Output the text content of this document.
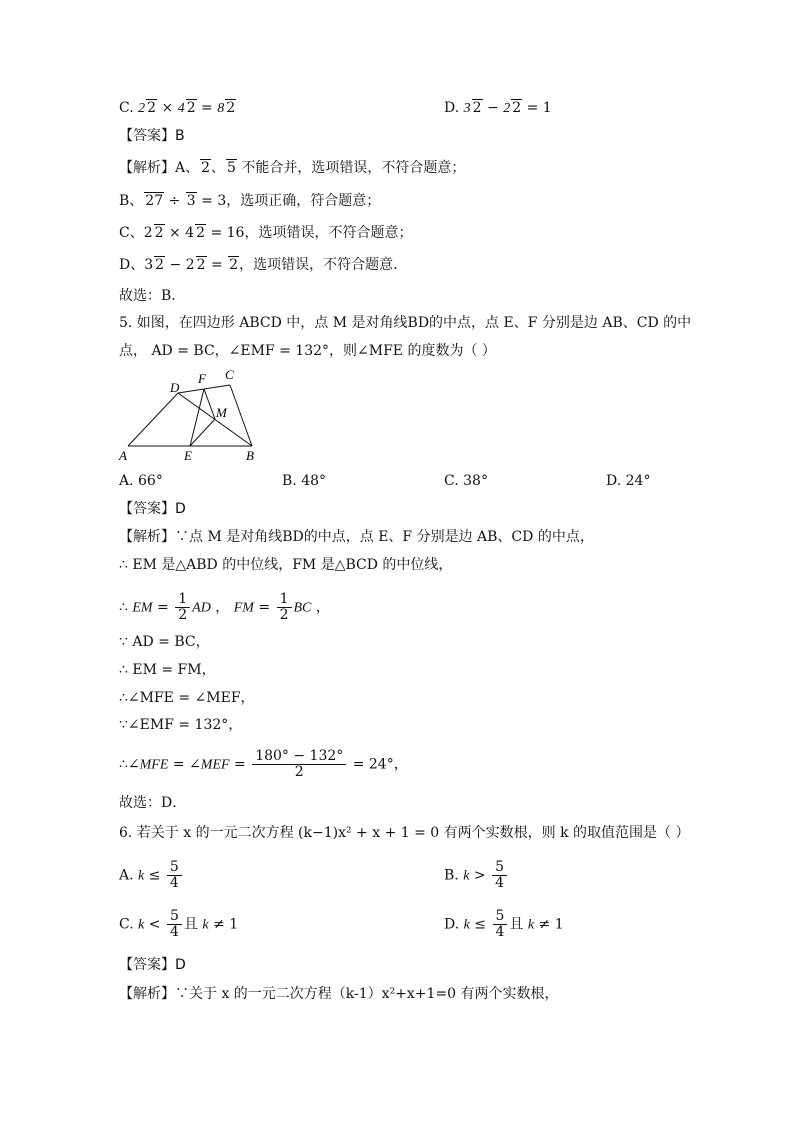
C. 2 2 × 4 2 = 8 2	D. 3 2 − 2 2 = 1
【答案】B
【解析】A、 2、 5 不能合并，选项错误，不符合题意；
B、 27 ÷ 3 = 3，选项正确，符合题意；
C、2 2 × 4 2 = 16，选项错误，不符合题意；
D、3 2 − 2 2 = 2，选项错误，不符合题意．
故选：B．
5. 如图，在四边形 ABCD 中，点 M 是对角线BD的中点，点 E、F 分别是边 AB、CD 的中
点， AD = BC，∠EMF = 132°，则∠MFE 的度数为（ ）
A	B
C
D
E
F
M
A. 66°	B. 48°	C. 38°	D. 24°
【答案】D
【解析】∵点 M 是对角线BD的中点，点 E、F 分别是边 AB、CD 的中点，
∴ EM 是△ABD 的中位线，FM 是△BCD 的中位线，
∴ EM = $\frac{1}{2}$ AD ， FM = $\frac{1}{2}$ BC ，
∵ AD = BC，
∴ EM = FM，
∴∠MFE = ∠MEF，
∵∠EMF = 132°，
∴∠MFE = ∠MEF = $\frac{180^\circ - 132^\circ}{2} = 24^\circ$，
故选：D．
6. 若关于 x 的一元二次方程 (k−1)x² + x + 1 = 0 有两个实数根，则 k 的取值范围是（ ）
A. $k \le \frac{5}{4}$	B. $k > \frac{5}{4}$
C. $k < \frac{5}{4}$ 且 k ≠ 1	D. $k \le \frac{5}{4}$ 且 k ≠ 1
【答案】D
【解析】∵关于 x 的一元二次方程（k-1）x²+x+1=0 有两个实数根，
